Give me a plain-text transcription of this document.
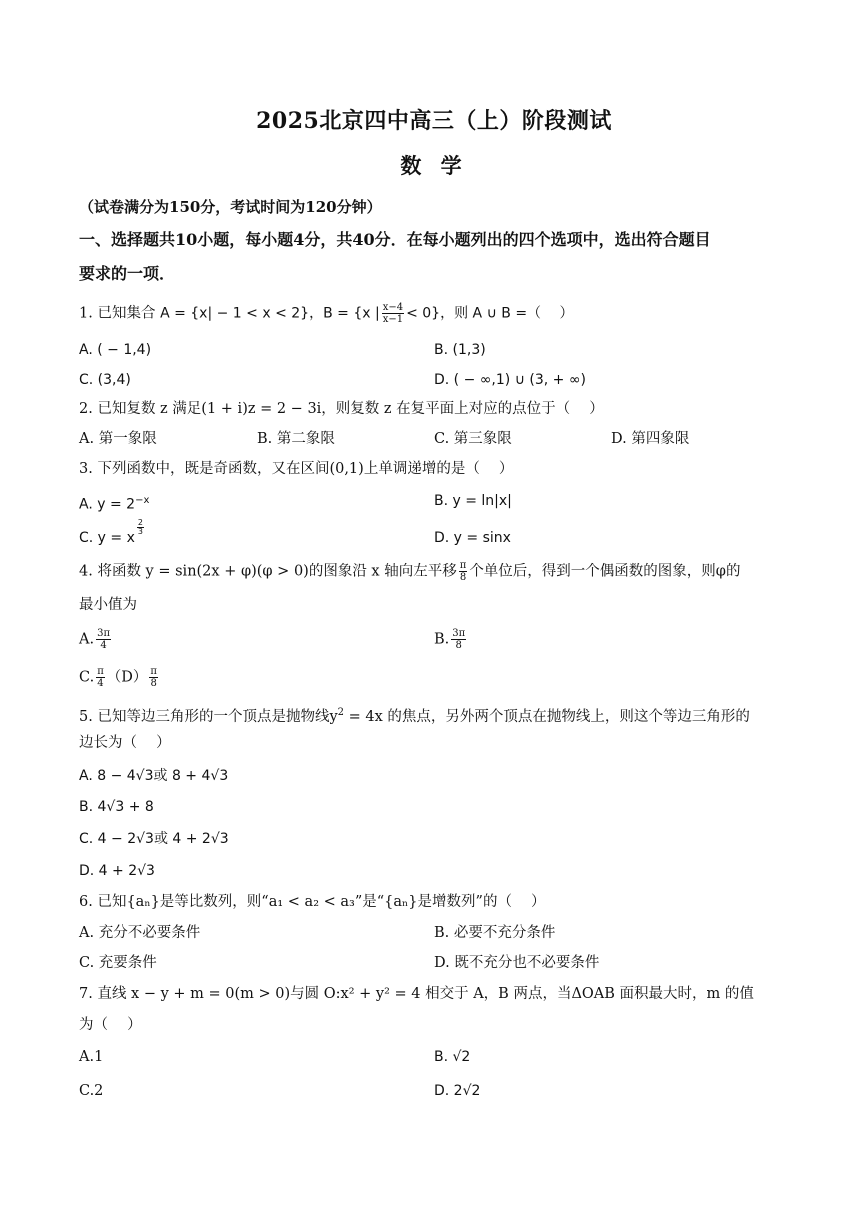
2025北京四中高三（上）阶段测试
数 学
（试卷满分为150分，考试时间为120分钟）
一、选择题共10小题，每小题4分，共40分．在每小题列出的四个选项中，选出符合题目
要求的一项．
1. 已知集合 A = {x| − 1 < x < 2}，B = {x | $\frac{x-4}{x-1} < 0$}，则 A ∪ B =（　 ）
A. ( − 1,4)	B. (1,3)
C. (3,4)	D. ( − ∞,1) ∪ (3, + ∞)
2. 已知复数 z 满足(1 + i)z = 2 − 3i，则复数 z 在复平面上对应的点位于（　 ）
A. 第一象限	B. 第二象限	C. 第三象限	D. 第四象限
3. 下列函数中，既是奇函数，又在区间(0,1)上单调递增的是（　 ）
A. $y = 2^{-x}$	B. y = ln|x|
C. y = x
$\frac{2}{3}$
D. y = sinx
4. 将函数 y = sin(2x + φ)(φ > 0)的图象沿 x 轴向左平移 $\frac{\pi}{8}$ 个单位后，得到一个偶函数的图象，则φ的
最小值为
A. $\frac{3\pi}{4}$	B. $\frac{3\pi}{8}$
C. $\frac{\pi}{4} (D) \frac{\pi}{8}$
5. 已知等边三角形的一个顶点是抛物线$y^2 = 4x$ 的焦点，另外两个顶点在抛物线上，则这个等边三角形的
边长为（　 ）
A. 8 − 4√3或 8 + 4√3
B. 4√3 + 8
C. 4 − 2√3或 4 + 2√3
D. 4 + 2√3
6. 已知{aₙ}是等比数列，则“a₁ < a₂ < a₃”是“{aₙ}是增数列”的（　 ）
A. 充分不必要条件	B. 必要不充分条件
C. 充要条件	D. 既不充分也不必要条件
7. 直线 x − y + m = 0(m > 0)与圆 O:x² + y² = 4 相交于 A，B 两点，当ΔOAB 面积最大时，m 的值
为（　 ）
A.1	B. √2
C.2	D. 2√2
